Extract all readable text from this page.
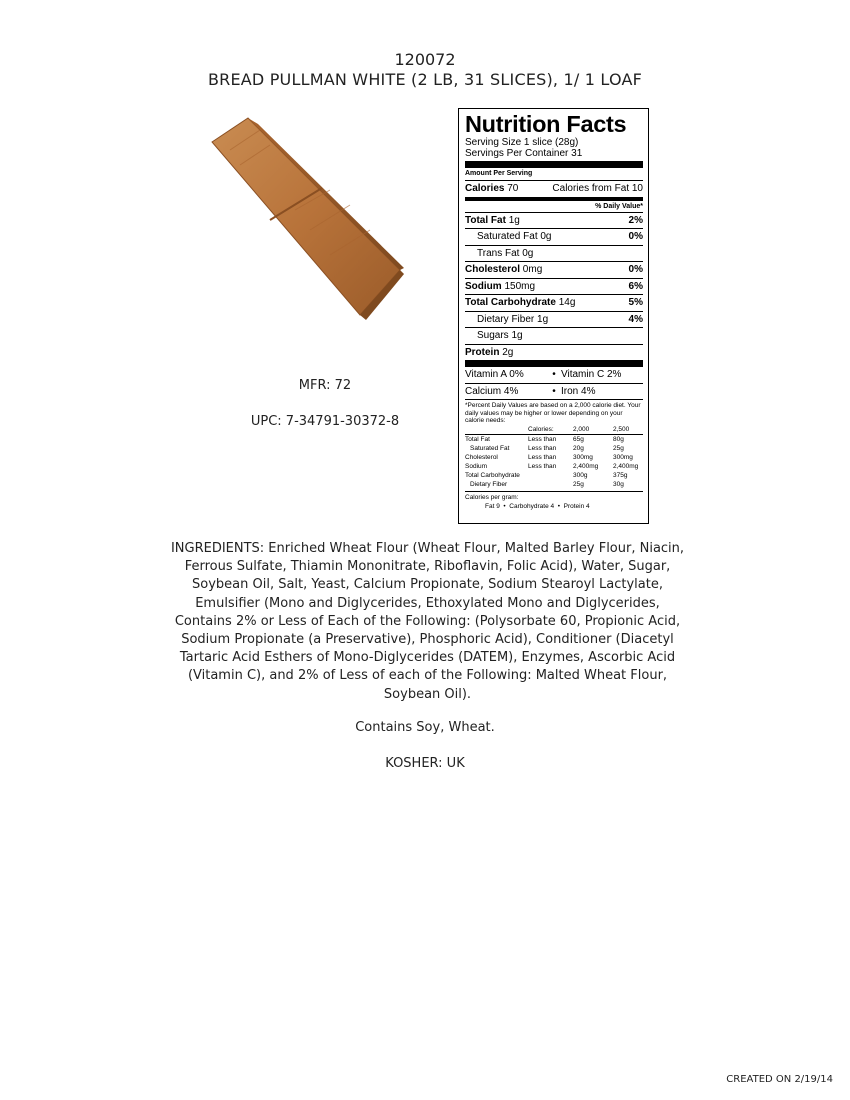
120072
BREAD PULLMAN WHITE (2 LB, 31 SLICES), 1/ 1 LOAF
MFR: 72
UPC: 7-34791-30372-8
Nutrition Facts
Serving Size 1 slice (28g)
Servings Per Container 31
Amount Per Serving
Calories 70	Calories from Fat 10
% Daily Value*
Total Fat 1g	2%
Saturated Fat 0g	0%
Trans Fat 0g
Cholesterol 0mg	0%
Sodium 150mg	6%
Total Carbohydrate 14g	5%
Dietary Fiber 1g	4%
Sugars 1g
Protein 2g
Vitamin A 0%	• Vitamin C 2%
Calcium 4%	• Iron 4%
*Percent Daily Values are based on a 2,000 calorie diet. Your daily values may be higher or lower depending on your calorie needs:
	Calories:	2,000	2,500
Total Fat	Less than	65g	80g
Saturated Fat	Less than	20g	25g
Cholesterol	Less than	300mg	300mg
Sodium	Less than	2,400mg	2,400mg
Total Carbohydrate		300g	375g
Dietary Fiber		25g	30g
Calories per gram:
Fat 9  •  Carbohydrate 4  •  Protein 4
INGREDIENTS: Enriched Wheat Flour (Wheat Flour, Malted Barley Flour, Niacin, Ferrous Sulfate, Thiamin Mononitrate, Riboflavin, Folic Acid), Water, Sugar, Soybean Oil, Salt, Yeast, Calcium Propionate, Sodium Stearoyl Lactylate, Emulsifier (Mono and Diglycerides, Ethoxylated Mono and Diglycerides, Contains 2% or Less of Each of the Following: (Polysorbate 60, Propionic Acid, Sodium Propionate (a Preservative), Phosphoric Acid), Conditioner (Diacetyl Tartaric Acid Esthers of Mono-Diglycerides (DATEM), Enzymes, Ascorbic Acid (Vitamin C), and 2% of Less of each of the Following: Malted Wheat Flour, Soybean Oil).
Contains Soy, Wheat.
KOSHER: UK
CREATED ON 2/19/14
